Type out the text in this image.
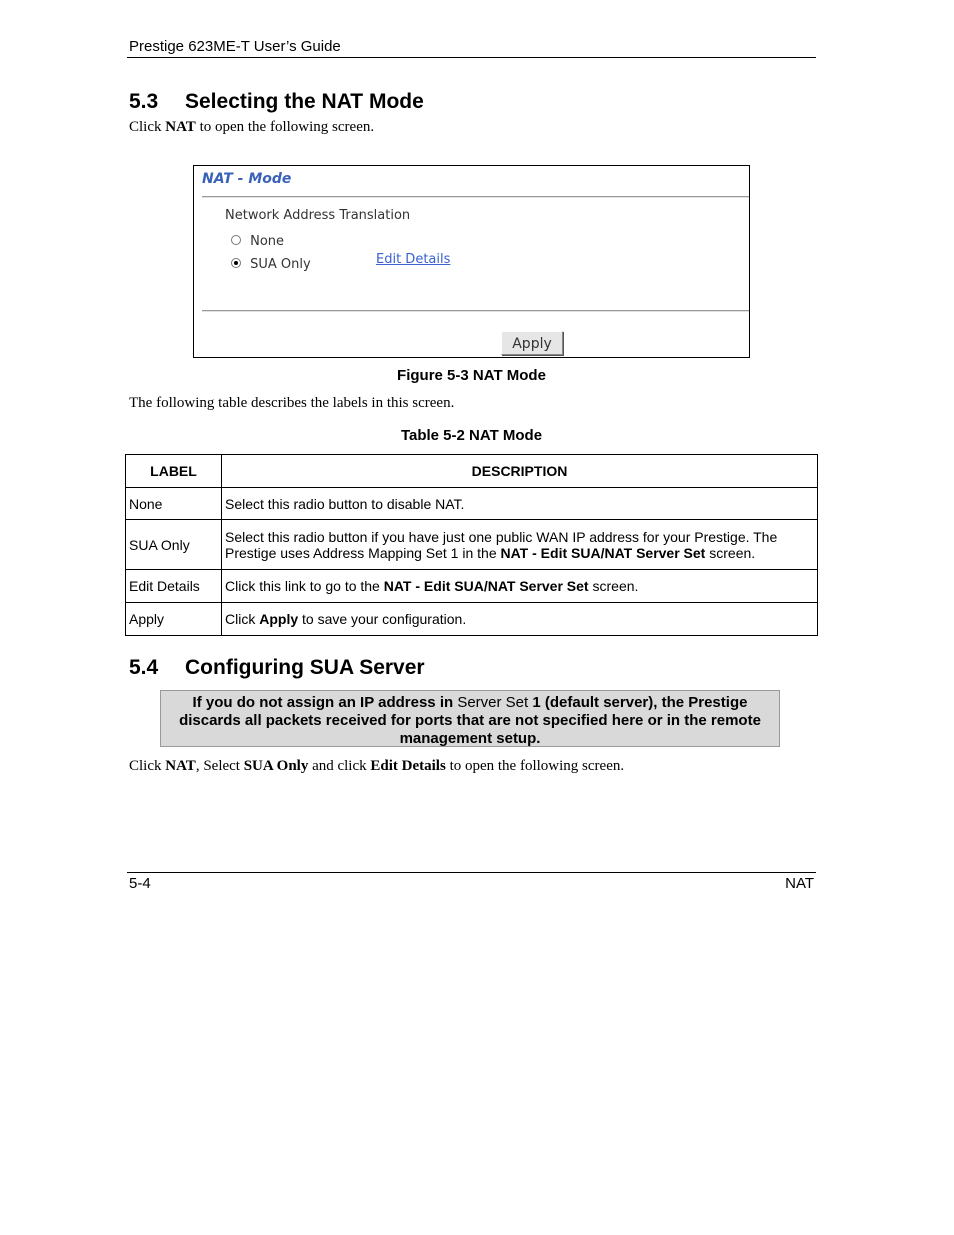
Prestige 623ME-T User’s Guide
5.3 Selecting the NAT Mode
Click NAT to open the following screen.
NAT - Mode
Network Address Translation
None
SUA Only	Edit Details
Apply
Figure 5-3 NAT Mode
The following table describes the labels in this screen.
Table 5-2 NAT Mode
LABEL	DESCRIPTION
None	Select this radio button to disable NAT.
SUA Only	Select this radio button if you have just one public WAN IP address for your Prestige. The Prestige uses Address Mapping Set 1 in the NAT - Edit SUA/NAT Server Set screen.
Edit Details	Click this link to go to the NAT - Edit SUA/NAT Server Set screen.
Apply	Click Apply to save your configuration.
5.4 Configuring SUA Server
If you do not assign an IP address in Server Set 1 (default server), the Prestige discards all packets received for ports that are not specified here or in the remote management setup.
Click NAT, Select SUA Only and click Edit Details to open the following screen.
5-4	NAT
